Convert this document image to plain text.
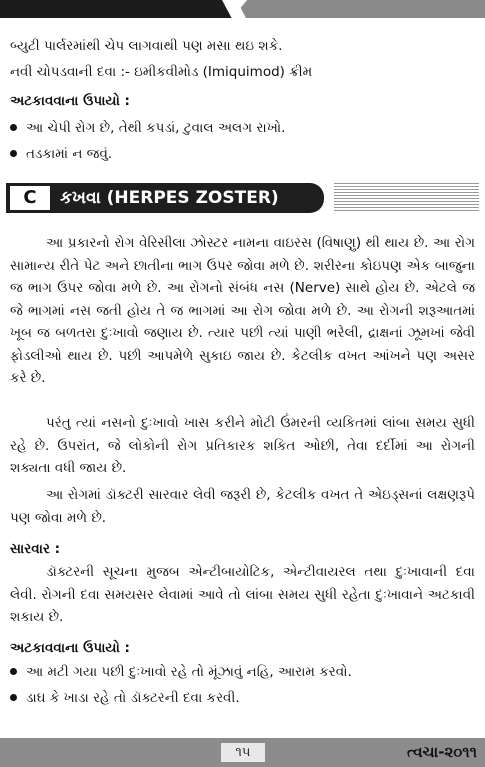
બ્યુટી પાર્લરમાંથી ચેપ લાગવાથી પણ મસા થઇ શકે.
નવી ચોપડવાની દવા :- ઇમીકવીમોડ (Imiquimod) ક્રીમ
અટકાવવાના ઉપાયો :
આ ચેપી રોગ છે, તેથી કપડાં, ટુવાલ અલગ રાખો.
તડકામાં ન જવું.
C	કખવા (HERPES ZOSTER)
આ પ્રકારનો રોગ વેરિસીલા ઝોસ્ટર નામના વાઇરસ (વિષાણુ) થી થાય છે. આ રોગ સામાન્ય રીતે પેટ અને છાતીના ભાગ ઉપર જોવા મળે છે. શરીરના કોઇપણ એક બાજુના જ ભાગ ઉપર જોવા મળે છે. આ રોગનો સંબંધ નસ (Nerve) સાથે હોય છે. એટલે જ જે ભાગમાં નસ જતી હોય તે જ ભાગમાં આ રોગ જોવા મળે છે. આ રોગની શરૂઆતમાં ખૂબ જ બળતરા દુઃખાવો જણાય છે. ત્યાર પછી ત્યાં પાણી ભરેલી, દ્રાક્ષનાં ઝૂમખાં જેવી ફોડલીઓ થાય છે. પછી આપમેળે સુકાઇ જાય છે. કેટલીક વખત આંખને પણ અસર કરે છે.
પરંતુ ત્યાં નસનો દુઃખાવો ખાસ કરીને મોટી ઉંમરની વ્યકિતમાં લાંબા સમય સુધી રહે છે. ઉપરાંત, જે લોકોની રોગ પ્રતિકારક શકિત ઓછી, તેવા દર્દીમાં આ રોગની શક્યતા વધી જાય છે.
આ રોગમાં ડૉક્ટરી સારવાર લેવી જરૂરી છે, કેટલીક વખત તે એઇડ્સનાં લક્ષણરૂપે પણ જોવા મળે છે.
સારવાર :
ડૉક્ટરની સૂચના મુજબ એન્ટીબાયોટિક, એન્ટીવાયરલ તથા દુઃખાવાની દવા લેવી. રોગની દવા સમયસર લેવામાં આવે તો લાંબા સમય સુધી રહેતા દુઃખાવાને અટકાવી શકાય છે.
અટકાવવાના ઉપાયો :
આ મટી ગયા પછી દુઃખાવો રહે તો મૂંઝાવું નહિ, આરામ કરવો.
ડાઘ કે ખાડા રહે તો ડૉક્ટરની દવા કરવી.
૧૫	ત્વચા-૨૦૧૧
